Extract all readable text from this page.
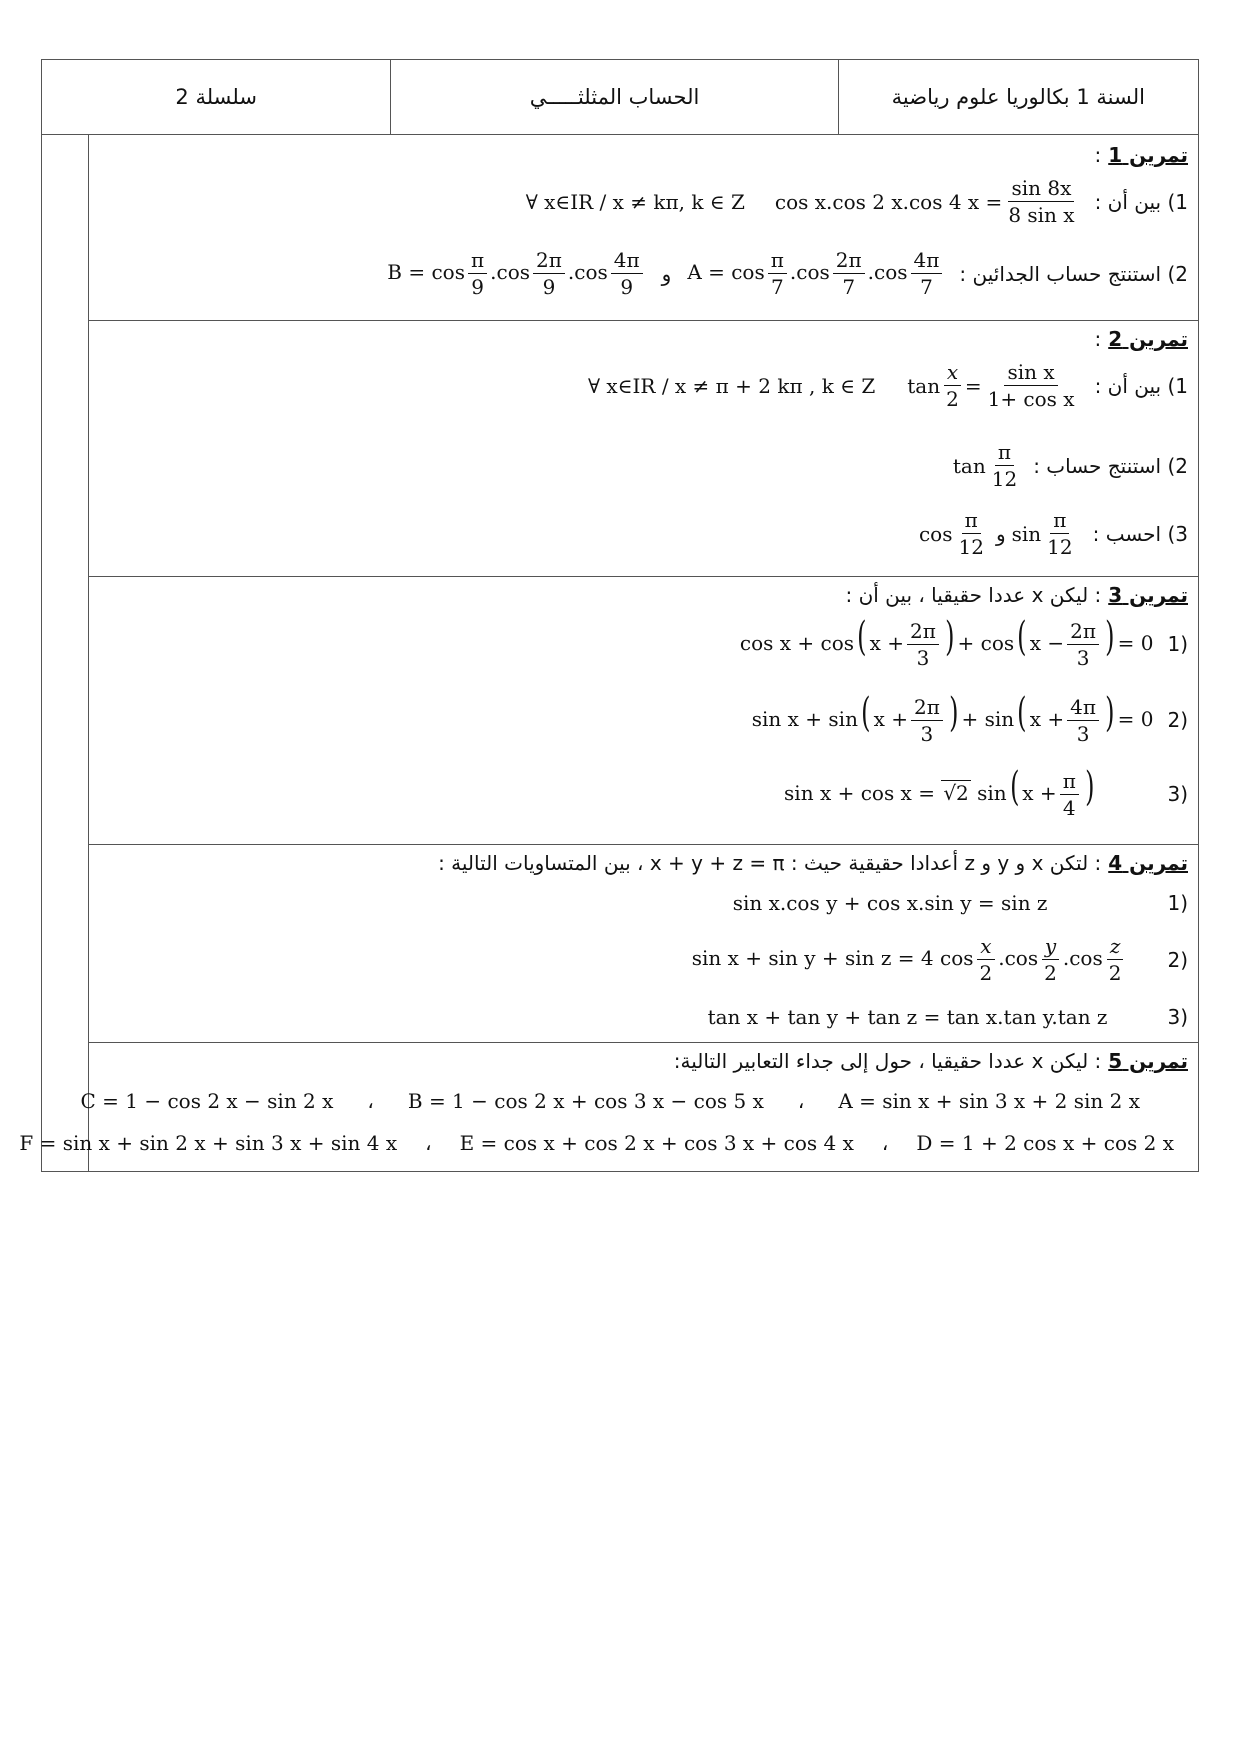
السنة 1 بكالوريا علوم رياضية
الحساب المثلثـــــي
سلسلة 2
تمرين 1 :
∀ x∈IR / x ≠ kπ, k ∈ Z cos x.cos 2 x.cos 4 $x = \frac{\sin 8x}{\text{8 sin x}} 1$) بين أن :
$B = \cos \frac{\pi}{9} .\cos \frac{2\pi}{9} .\cos \frac{4\pi}{9}$ و $A = \cos \frac{\pi}{7} .\cos \frac{2\pi}{7} .\cos \frac{4\pi}{7} 2$) استنتج حساب الجدائين :
تمرين 2 :
∀ x∈IR / x ≠ π + 2 kπ , k ∈ Z $\tan \frac{x}{2} = \frac{\text{sin x}}{\text{1+ cos x}} 1$) بين أن :
$\tan \frac{\pi}{12} 2$) استنتج حساب :
$\cos \frac{\pi}{12}$ و $\sin \frac{\pi}{12} 3$) احسب :
تمرين 3 : ليكن x عددا حقيقيا ، بين أن :
cos x + cos( $x + \frac{2\pi}{3}$ ) + cos( $x - \frac{2\pi}{3}$ ) = 0 1)
sin x + sin( $x + \frac{2\pi}{3}$ ) + sin( $x + \frac{4\pi}{3}$ ) = 0 2)
sin x + cos x = √2 sin( $x + \frac{\pi}{4}$ )	3)
تمرين 4 : لتكن x و y و z أعدادا حقيقية حيث : x + y + z = π ، بين المتساويات التالية :
sin x.cos y + cos x.sin y = sin z	1)
sin x + sin y + sin z = 4 $\cos \frac{x}{2} .\cos \frac{y}{2} .\cos \frac{z}{2} 2$)
tan x + tan y + tan z = tan x.tan y.tan z	3)
تمرين 5 : ليكن x عددا حقيقيا ، حول إلى جداء التعابير التالية:
C = 1 − cos 2 x − sin 2 x ، B = 1 − cos 2 x + cos 3 x − cos 5 x ، A = sin x + sin 3 x + 2 sin 2 x
F = sin x + sin 2 x + sin 3 x + sin 4 x ، E = cos x + cos 2 x + cos 3 x + cos 4 x ، D = 1 + 2 cos x + cos 2 x
